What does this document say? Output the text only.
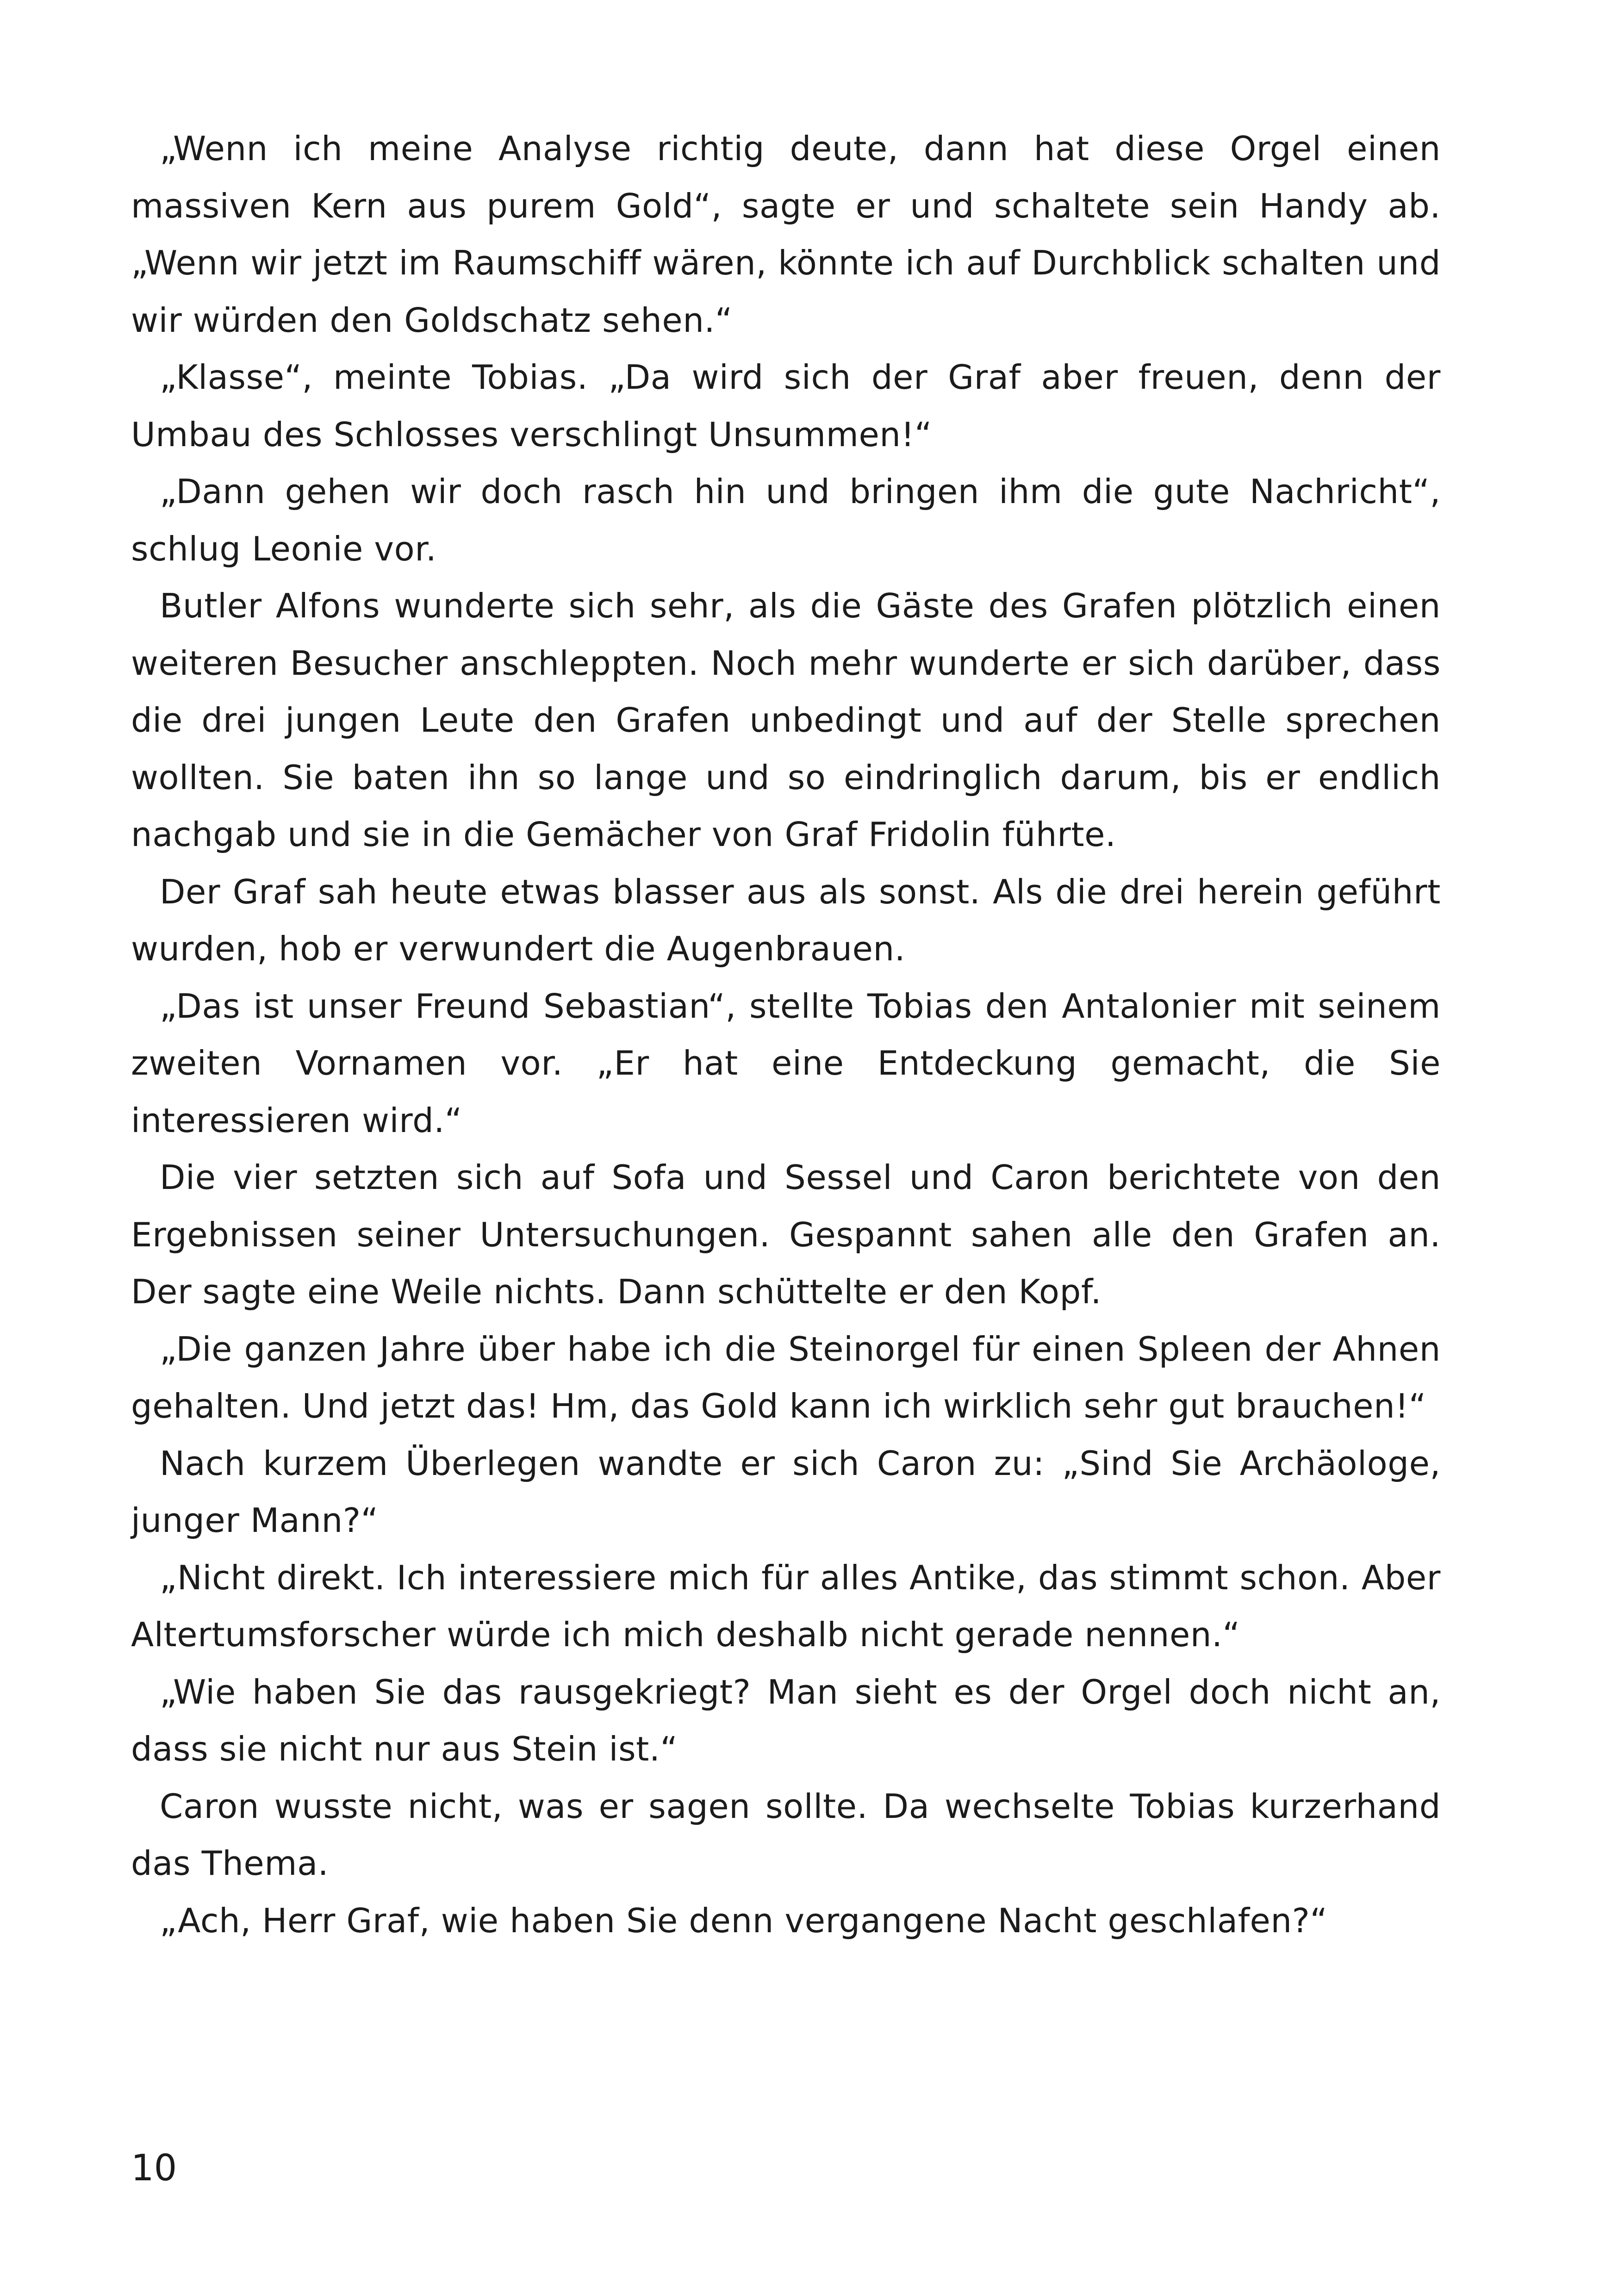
„Wenn ich meine Analyse richtig deute, dann hat diese Orgel einen massiven Kern aus purem Gold“, sagte er und schaltete sein Handy ab. „Wenn wir jetzt im Raumschiff wären, könnte ich auf Durchblick schalten und wir würden den Goldschatz sehen.“

„Klasse“, meinte Tobias. „Da wird sich der Graf aber freuen, denn der Umbau des Schlosses verschlingt Unsummen!“

„Dann gehen wir doch rasch hin und bringen ihm die gute Nachricht“, schlug Leonie vor.

Butler Alfons wunderte sich sehr, als die Gäste des Grafen plötzlich einen weiteren Besucher anschleppten. Noch mehr wunderte er sich darüber, dass die drei jungen Leute den Grafen unbedingt und auf der Stelle sprechen wollten. Sie baten ihn so lange und so eindringlich darum, bis er endlich nachgab und sie in die Gemächer von Graf Fridolin führte.

Der Graf sah heute etwas blasser aus als sonst. Als die drei herein geführt wurden, hob er verwundert die Augenbrauen.

„Das ist unser Freund Sebastian“, stellte Tobias den Antalonier mit seinem zweiten Vornamen vor. „Er hat eine Entdeckung gemacht, die Sie interessieren wird.“

Die vier setzten sich auf Sofa und Sessel und Caron berichtete von den Ergebnissen seiner Untersuchungen. Gespannt sahen alle den Grafen an. Der sagte eine Weile nichts. Dann schüttelte er den Kopf.

„Die ganzen Jahre über habe ich die Steinorgel für einen Spleen der Ahnen gehalten. Und jetzt das! Hm, das Gold kann ich wirklich sehr gut brauchen!“

Nach kurzem Überlegen wandte er sich Caron zu: „Sind Sie Archäologe, junger Mann?“

„Nicht direkt. Ich interessiere mich für alles Antike, das stimmt schon. Aber Altertumsforscher würde ich mich deshalb nicht gerade nennen.“

„Wie haben Sie das rausgekriegt? Man sieht es der Orgel doch nicht an, dass sie nicht nur aus Stein ist.“

Caron wusste nicht, was er sagen sollte. Da wechselte Tobias kurzerhand das Thema.

„Ach, Herr Graf, wie haben Sie denn vergangene Nacht geschlafen?“

10
